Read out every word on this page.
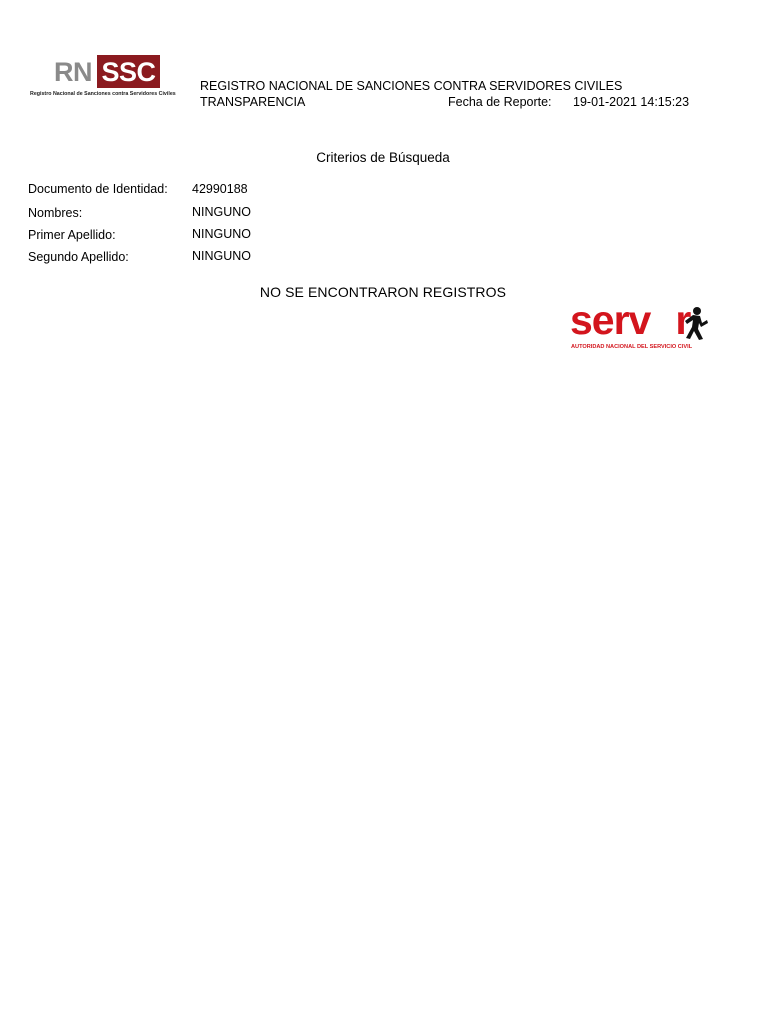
RN SSC
Registro Nacional de Sanciones contra Servidores Civiles
REGISTRO NACIONAL DE SANCIONES CONTRA SERVIDORES CIVILES
TRANSPARENCIA	Fecha de Reporte: 19-01-2021 14:15:23
Criterios de Búsqueda
Documento de Identidad: 42990188
Nombres:	NINGUNO
Primer Apellido:	NINGUNO
Segundo Apellido:	NINGUNO
NO SE ENCONTRARON REGISTROS
serv r
AUTORIDAD NACIONAL DEL SERVICIO CIVIL
